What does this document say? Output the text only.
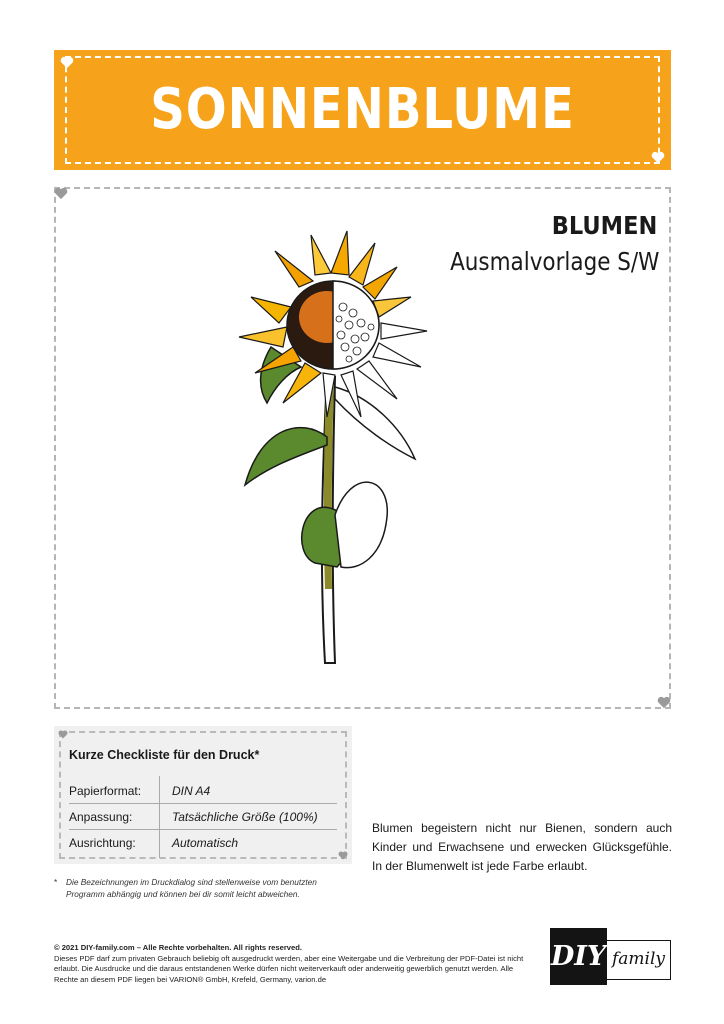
SONNENBLUME
BLUMEN
Ausmalvorlage S/W
Kurze Checkliste für den Druck*
Papierformat:	DIN A4
Anpassung:	Tatsächliche Größe (100%)
Ausrichtung:	Automatisch
*	Die Bezeichnungen im Druckdialog sind stellenweise vom benutzten Programm abhängig und können bei dir somit leicht abweichen.
Blumen begeistern nicht nur Bienen, sondern auch Kinder und Erwachsene und erwecken Glücksgefühle. In der Blumenwelt ist jede Farbe erlaubt.
© 2021 DIY-family.com – Alle Rechte vorbehalten. All rights reserved.
Dieses PDF darf zum privaten Gebrauch beliebig oft ausgedruckt werden, aber eine Weitergabe und die Verbreitung der PDF-Datei ist nicht erlaubt. Die Ausdrucke und die daraus entstandenen Werke dürfen nicht weiterverkauft oder anderweitig gewerblich genutzt werden. Alle Rechte an diesem PDF liegen bei VARION® GmbH, Krefeld, Germany, varion.de
DIY family
